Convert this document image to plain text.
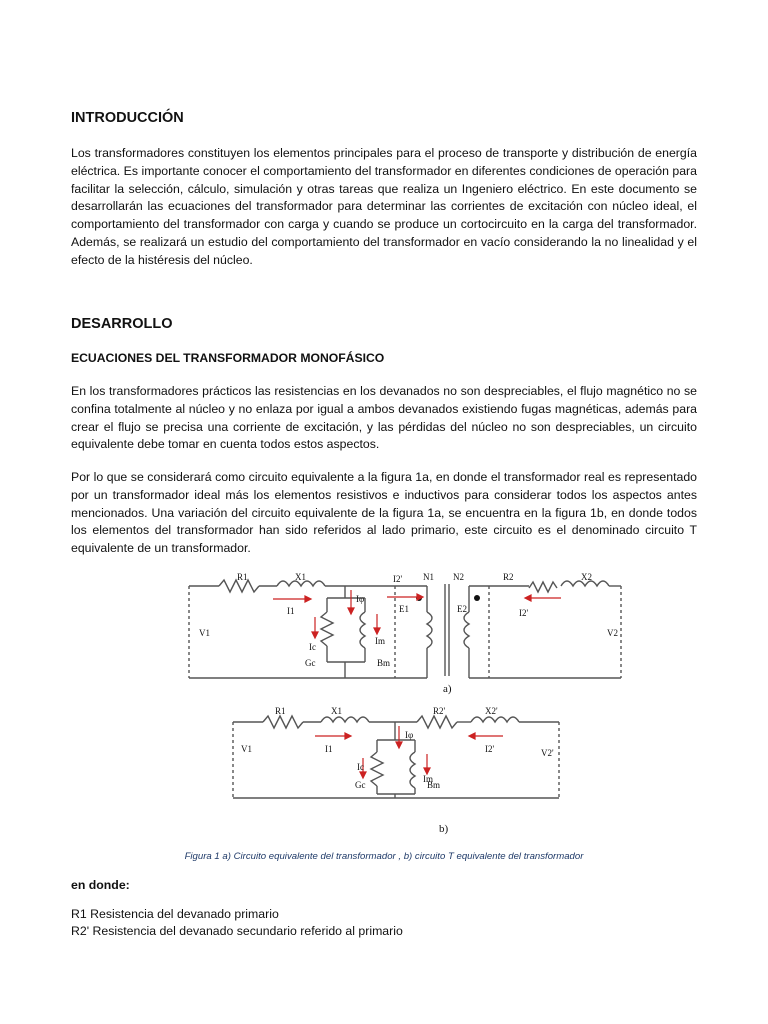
INTRODUCCIÓN

Los transformadores constituyen los elementos principales para el proceso de transporte y distribución de energía eléctrica. Es importante conocer el comportamiento del transformador en diferentes condiciones de operación para facilitar la selección, cálculo, simulación y otras tareas que realiza un Ingeniero eléctrico. En este documento se desarrollarán las ecuaciones del transformador para determinar las corrientes de excitación con núcleo ideal, el comportamiento del transformador con carga y cuando se produce un cortocircuito en la carga del transformador. Además, se realizará un estudio del comportamiento del transformador en vacío considerando la no linealidad y el efecto de la histéresis del núcleo.

DESARROLLO
ECUACIONES DEL TRANSFORMADOR MONOFÁSICO

En los transformadores prácticos las resistencias en los devanados no son despreciables, el flujo magnético no se confina totalmente al núcleo y no enlaza por igual a ambos devanados existiendo fugas magnéticas, además para crear el flujo se precisa una corriente de excitación, y las pérdidas del núcleo no son despreciables, un circuito equivalente debe tomar en cuenta todos estos aspectos.

Por lo que se considerará como circuito equivalente a la figura 1a, en donde el transformador real es representado por un transformador ideal más los elementos resistivos e inductivos para considerar todos los aspectos antes mencionados. Una variación del circuito equivalente de la figura 1a, se encuentra en la figura 1b, en donde todos los elementos del transformador han sido referidos al lado primario, este circuito es el denominado circuito T equivalente de un transformador.

R1	X1	I2' N1 N2	R2	X2
I1
Iφ
E1	E2	I2'
V1
Ic
Im
Gc	Bm
V2
a)
R1	X1	R2'	X2'
Iφ
V1	I1	I2'	V2'
Ic
Im
Gc	Bm
b)
Figura 1 a) Circuito equivalente del transformador , b) circuito T equivalente del transformador

en donde:

R1 Resistencia del devanado primario

R2' Resistencia del devanado secundario referido al primario
